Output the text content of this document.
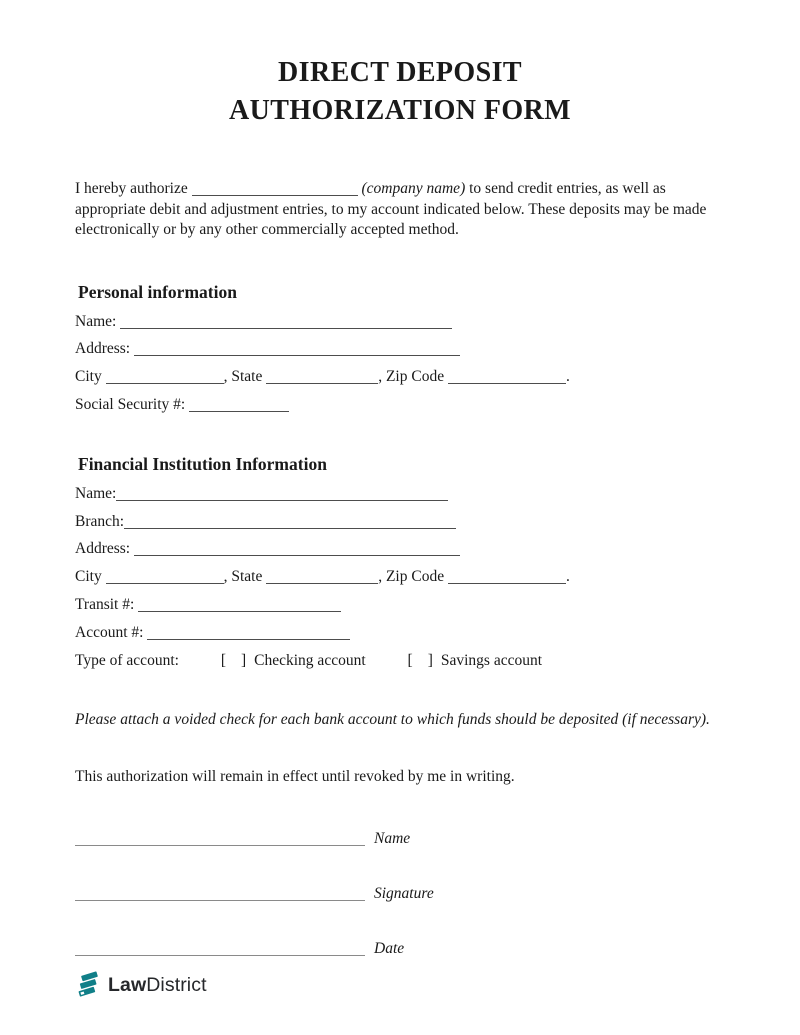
DIRECT DEPOSIT
AUTHORIZATION FORM

I hereby authorize	(company name) to send credit entries, as well as appropriate debit and adjustment entries, to my account indicated below. These deposits may be made electronically or by any other commercially accepted method.

Personal information
Name:
Address:
City	, State	, Zip Code	.
Social Security #:
Financial Institution Information
Name:
Branch:
Address:
City	, State	, Zip Code	.
Transit #:
Account #:
Type of account:	[ ] Checking account	[ ] Savings account

Please attach a voided check for each bank account to which funds should be deposited (if necessary).

This authorization will remain in effect until revoked by me in writing.

Name
Signature
Date
LawDistrict
